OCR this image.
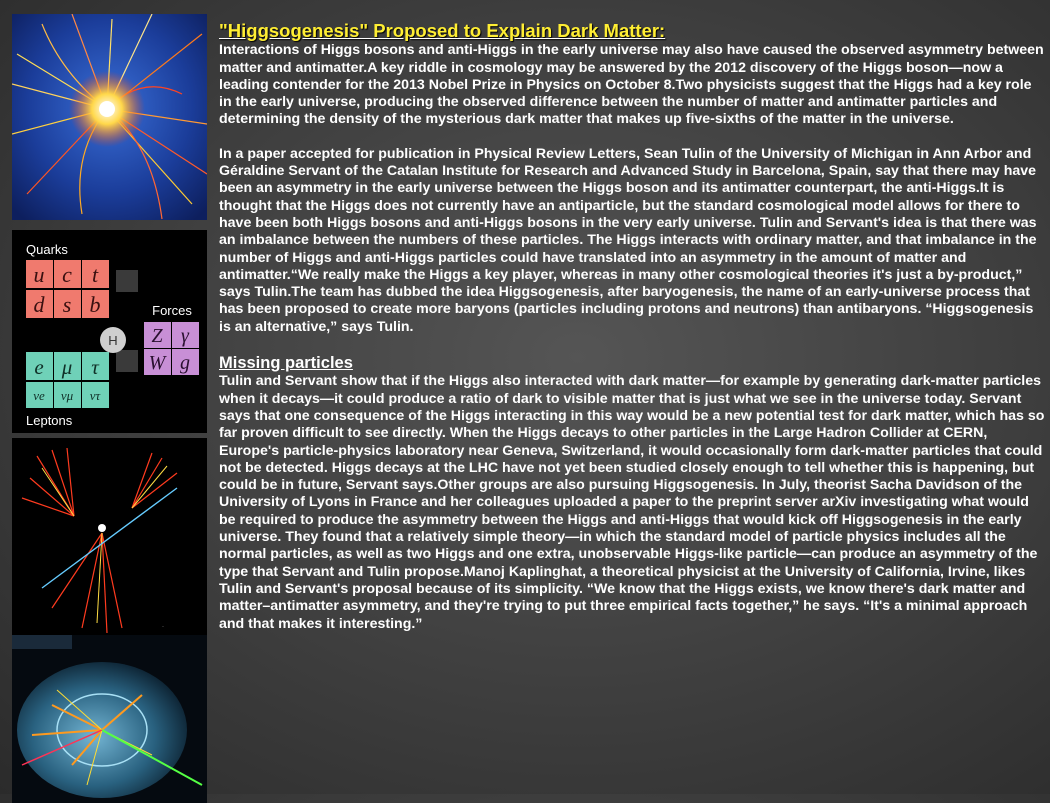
Quarks
u c t
d s b
H
Forces
Z γ
W g
e μ τ
νe νμ ντ
Leptons
·
"Higgsogenesis" Proposed to Explain Dark Matter:

Interactions of Higgs bosons and anti-Higgs in the early universe may also have caused the observed asymmetry between matter and antimatter.A key riddle in cosmology may be answered by the 2012 discovery of the Higgs boson—now a leading contender for the 2013 Nobel Prize in Physics on October 8.Two physicists suggest that the Higgs had a key role in the early universe, producing the observed difference between the number of matter and antimatter particles and determining the density of the mysterious dark matter that makes up five-sixths of the matter in the universe.

In a paper accepted for publication in Physical Review Letters, Sean Tulin of the University of Michigan in Ann Arbor and Géraldine Servant of the Catalan Institute for Research and Advanced Study in Barcelona, Spain, say that there may have been an asymmetry in the early universe between the Higgs boson and its antimatter counterpart, the anti-Higgs.It is thought that the Higgs does not currently have an antiparticle, but the standard cosmological model allows for there to have been both Higgs bosons and anti-Higgs bosons in the very early universe. Tulin and Servant's idea is that there was an imbalance between the numbers of these particles. The Higgs interacts with ordinary matter, and that imbalance in the number of Higgs and anti-Higgs particles could have translated into an asymmetry in the amount of matter and antimatter.“We really make the Higgs a key player, whereas in many other cosmological theories it's just a by-product,” says Tulin.The team has dubbed the idea Higgsogenesis, after baryogenesis, the name of an early-universe process that has been proposed to create more baryons (particles including protons and neutrons) than antibaryons. “Higgsogenesis is an alternative,” says Tulin.

Missing particles

Tulin and Servant show that if the Higgs also interacted with dark matter—for example by generating dark-matter particles when it decays—it could produce a ratio of dark to visible matter that is just what we see in the universe today. Servant says that one consequence of the Higgs interacting in this way would be a new potential test for dark matter, which has so far proven difficult to see directly. When the Higgs decays to other particles in the Large Hadron Collider at CERN, Europe's particle-physics laboratory near Geneva, Switzerland, it would occasionally form dark-matter particles that could not be detected. Higgs decays at the LHC have not yet been studied closely enough to tell whether this is happening, but could be in future, Servant says.Other groups are also pursuing Higgsogenesis. In July, theorist Sacha Davidson of the University of Lyons in France and her colleagues uploaded a paper to the preprint server arXiv investigating what would be required to produce the asymmetry between the Higgs and anti-Higgs that would kick off Higgsogenesis in the early universe. They found that a relatively simple theory—in which the standard model of particle physics includes all the normal particles, as well as two Higgs and one extra, unobservable Higgs-like particle—can produce an asymmetry of the type that Servant and Tulin propose.Manoj Kaplinghat, a theoretical physicist at the University of California, Irvine, likes Tulin and Servant's proposal because of its simplicity. “We know that the Higgs exists, we know there's dark matter and matter–antimatter asymmetry, and they're trying to put three empirical facts together,” he says. “It's a minimal approach and that makes it interesting.”
